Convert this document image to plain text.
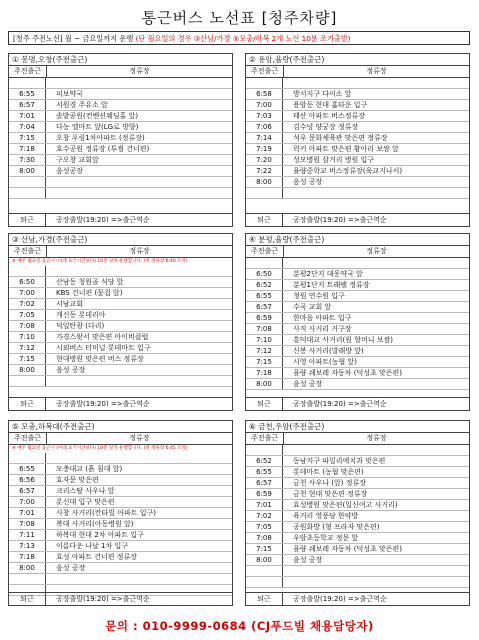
통근버스 노선표 [청주차량]
[청주 주전노선] 월 ~ 금요일까지 운행 (단 월요일의 경우 ③산남/가경 ⑤모충/하복 2개 노선 10분 조기출발)
① 봉명,오창(주전출근)
주전출근	정류장
6:55	피보약국
6:57	서원경 주유소 앞
7:01	솔밭공원(컨벤션웨딩홀 앞)
7:04	다농 엘마트 앞(LG로 방향)
7:15	오창 우림1차아파트 (정류장)
7:18	호수공원 정류장 (투썸 건너편)
7:30	구오창 교회앞
8:00	음성공장
퇴근	공장출발(19:20) =>출근역순
② 용암,율량(주전출근)
주전출근	정류장
6:58	방서지구 다이소 앞
7:00	용암동 현대 홈타운 입구
7:03	태산 아파트 버스정류장
7:06	김수녕 양궁장 정류장
7:14	석우 문화체육관 맞은편 정류장
7:19	럭키 아파트 맞은편 황아리 보쌈 앞
7:20	성모병원 삼거리 병원 입구
7:22	율량중학교 버스정류장(육교지나서)
8:00	음성 공장
퇴근	공장출발(19:20) =>출근역순
③ 산남,가경(주전출근)
주전출근	정류장
※ 매주 월요일 출근시 (아래 표기시간보다) 10분 당겨 운행합니다. (첫 정류장 6:40 도착)
6:50	산남동 청원골 식당 앞
7:00	KBS 건너편 (꽃집 앞)
7:02	서남교회
7:05	개신동 롯데리아
7:08	덕일탄광 (다리)
7:10	가경스왓서 맞은편 아이비클럽
7:12	시외버스 터미널 롯데마트 입구
7:15	현대병원 맞은편 버스 정류장
8:00	음성 공장
퇴근	공장출발(19:20) =>출근역순
④ 분평,율량(주전출근)
주전출근	정류장
6:50	분평2단지 대웅약국 앞
6:52	분평1단지 트래팰 정류장
6:55	청원 연수원 입구
6:57	수곡 교회 앞
6:59	한마음 아파트 입구
7:08	사직 사거리 거구장
7:10	흥덕대교 사거리(원 할머니 보쌈)
7:12	신봉 사거리(발래방 앞)
7:15	시영 아파트(농협 앞)
7:18	율량 쉐보레 자동차 (덕성초 맞은편)
8:00	음성 공장
퇴근	공장출발(19:20) =>출근역순
⑤ 모충,하복대(주전출근)
주전출근	정류장
※ 매주 월요일 출근시 (아래 표기시간보다) 10분 당겨 운행합니다. (첫 정류장 6:45 도착)
6:55	모충대교 (흙 침대 앞)
6:56	효자문 맞은편
6:57	크리스탈 사우나 앞
7:00	롯신대 입구 맞은편
7:01	사창 사거리(칸타빌 아파트 입구)
7:08	복대 사거리(아동병원 앞)
7:11	하복대 현대 2차 아파트 입구
7:13	이름다운 나날 1차 입구
7:18	효성 아파트 건너편 정류장
8:00	음성 공장
퇴근	공장출발(19:20) =>출근역순
⑥ 금천,우암(주전출근)
주전출근	정류장
6:52	동남지구 파밀리에치과 맞은편
6:55	롯데마트 (농협 맞은편)
6:57	금천 사우나 (앞) 정류장
6:59	금천 현대 맞은편 정류장
7:01	효성병원 맞은편(일신여고 사거리)
7:02	육거리 영풍당 한약방
7:05	공원화방 (형 프라자 맞은편)
7:08	우암초등학교 정문 앞
7:15	율량 쉐보레 자동차 (덕성초 맞은편)
8:00	음성 공장
퇴근	공장출발(19:20) =>출근역순
문의 : 010-9999-0684 (CJ푸드빌 채용담당자)
